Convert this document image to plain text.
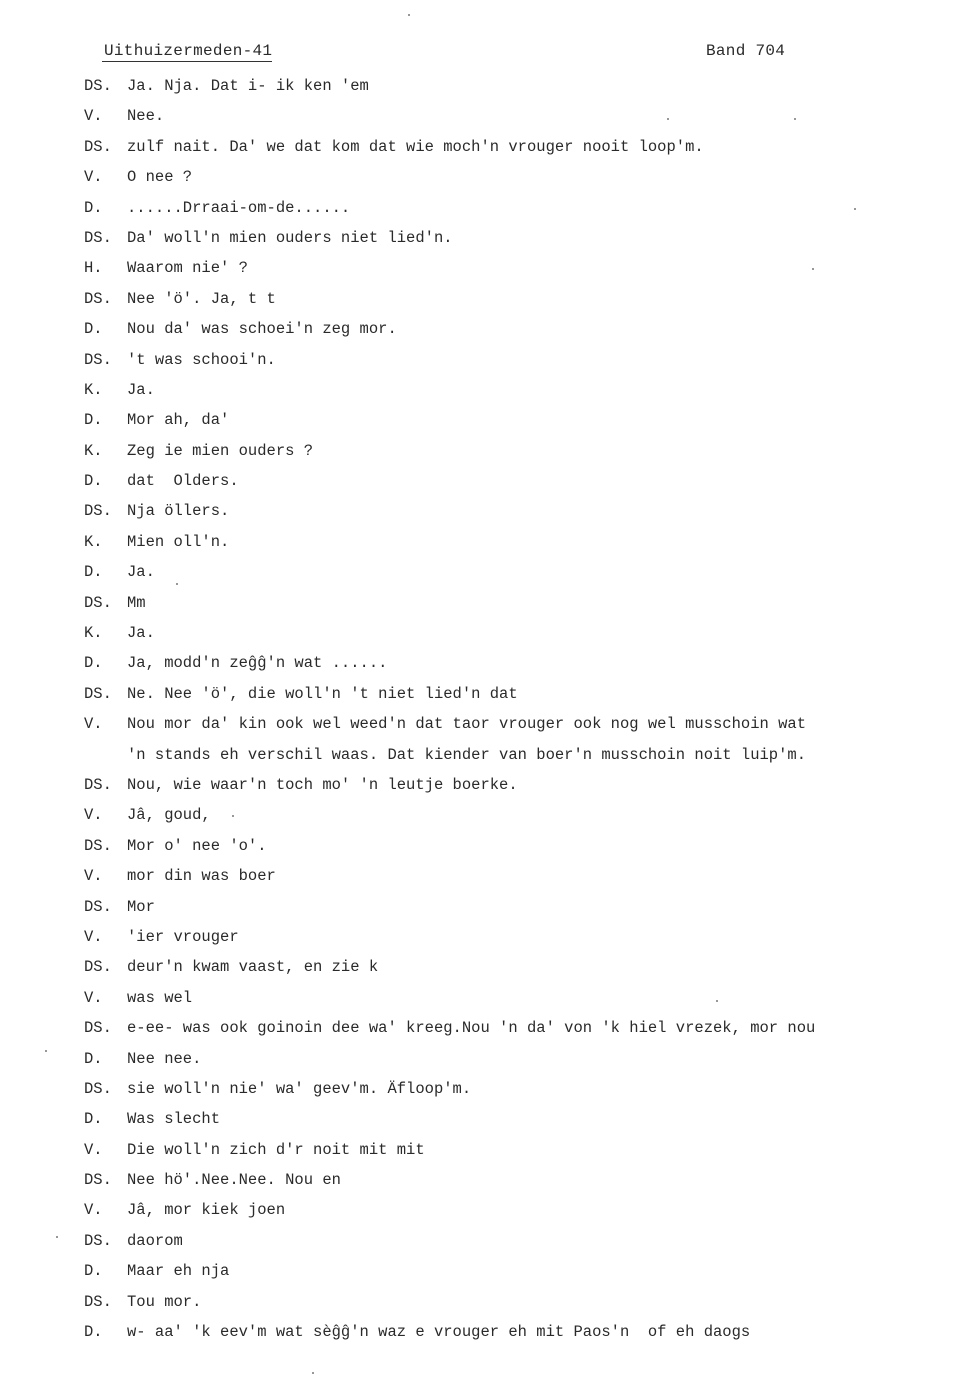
Uithuizermeden-41	Band 704
DS. Ja. Nja. Dat i- ik ken 'em
V. Nee.
DS. zulf nait. Da' we dat kom dat wie moch'n vrouger nooit loop'm.
V. O nee ?
D. ......Drraai-om-de......
DS. Da' woll'n mien ouders niet lied'n.
H. Waarom nie' ?
DS. Nee 'ö'. Ja, t t
D. Nou da' was schoei'n zeg mor.
DS. 't was schooi'n.
K. Ja.
D. Mor ah, da'
K. Zeg ie mien ouders ?
D. dat  Olders.
DS. Nja öllers.
K. Mien oll'n.
D. Ja.
DS. Mm
K. Ja.
D. Ja, modd'n zeĝĝ'n wat ......
DS. Ne. Nee 'ö', die woll'n 't niet lied'n dat
V. Nou mor da' kin ook wel weed'n dat taor vrouger ook nog wel musschoin wat
'n stands eh verschil waas. Dat kiender van boer'n musschoin noit luip'm.
DS. Nou, wie waar'n toch mo' 'n leutje boerke.
V. Jâ, goud,
DS. Mor o' nee 'o'.
V. mor din was boer
DS. Mor
V. 'ier vrouger
DS. deur'n kwam vaast, en zie k
V. was wel
DS. e-ee- was ook goinoin dee wa' kreeg.Nou 'n da' von 'k hiel vrezek, mor nou
D. Nee nee.
DS. sie woll'n nie' wa' geev'm. Äfloop'm.
D. Was slecht
V. Die woll'n zich d'r noit mit mit
DS. Nee hö'.Nee.Nee. Nou en
V. Jâ, mor kiek joen
DS. daorom
D. Maar eh nja
DS. Tou mor.
D. w- aa' 'k eev'm wat sèĝĝ'n waz e vrouger eh mit Paos'n  of eh daogs
